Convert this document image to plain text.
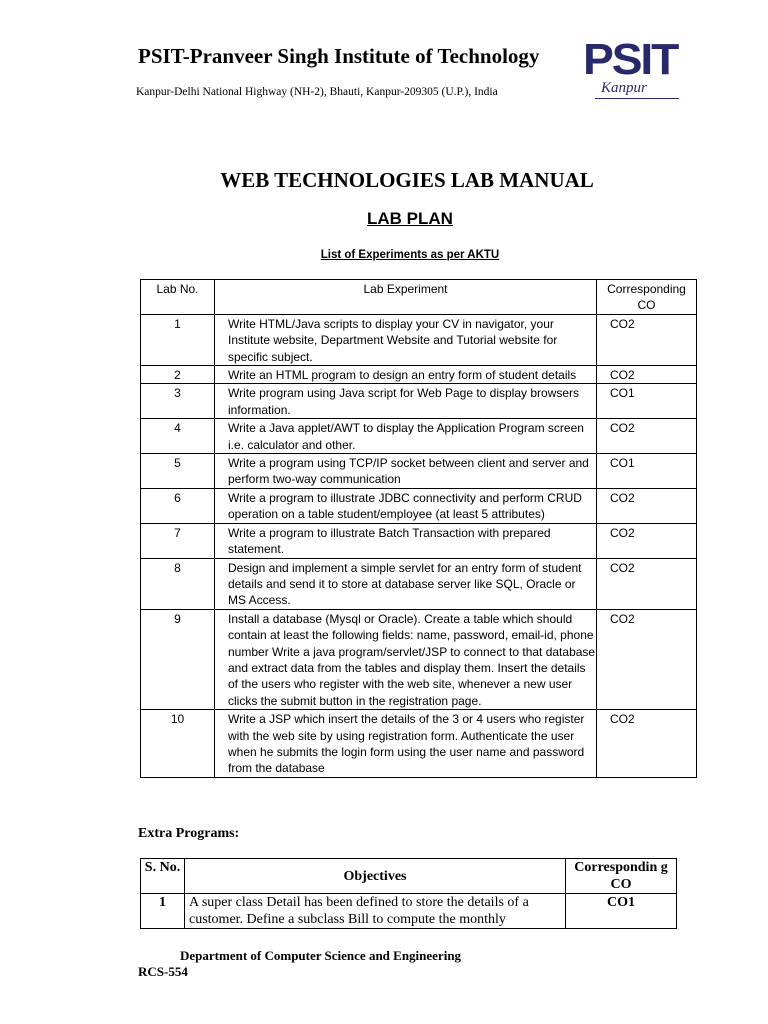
PSIT-Pranveer Singh Institute of Technology
Kanpur-Delhi National Highway (NH-2), Bhauti, Kanpur-209305 (U.P.), India
PSIT
Kanpur
WEB TECHNOLOGIES LAB MANUAL
LAB PLAN
List of Experiments as per AKTU
Lab No.	Lab Experiment	Corresponding CO
1	Write HTML/Java scripts to display your CV in navigator, your Institute website, Department Website and Tutorial website for specific subject.	CO2
2	Write an HTML program to design an entry form of student details	CO2
3	Write program using Java script for Web Page to display browsers information.	CO1
4	Write a Java applet/AWT to display the Application Program screen i.e. calculator and other.	CO2
5	Write a program using TCP/IP socket between client and server and perform two-way communication	CO1
6	Write a program to illustrate JDBC connectivity and perform CRUD operation on a table student/employee (at least 5 attributes)	CO2
7	Write a program to illustrate Batch Transaction with prepared statement.	CO2
8	Design and implement a simple servlet for an entry form of student details and send it to store at database server like SQL, Oracle or MS Access.	CO2
9	Install a database (Mysql or Oracle). Create a table which should contain at least the following fields: name, password, email-id, phone number Write a java program/servlet/JSP to connect to that database and extract data from the tables and display them. Insert the details of the users who register with the web site, whenever a new user clicks the submit button in the registration page.	CO2
10	Write a JSP which insert the details of the 3 or 4 users who register with the web site by using registration form. Authenticate the user when he submits the login form using the user name and password from the database	CO2
Extra Programs:
S. No.	Objectives	Correspondin g CO
1	A super class Detail has been defined to store the details of a customer. Define a subclass Bill to compute the monthly	CO1
Department of Computer Science and Engineering
RCS-554
